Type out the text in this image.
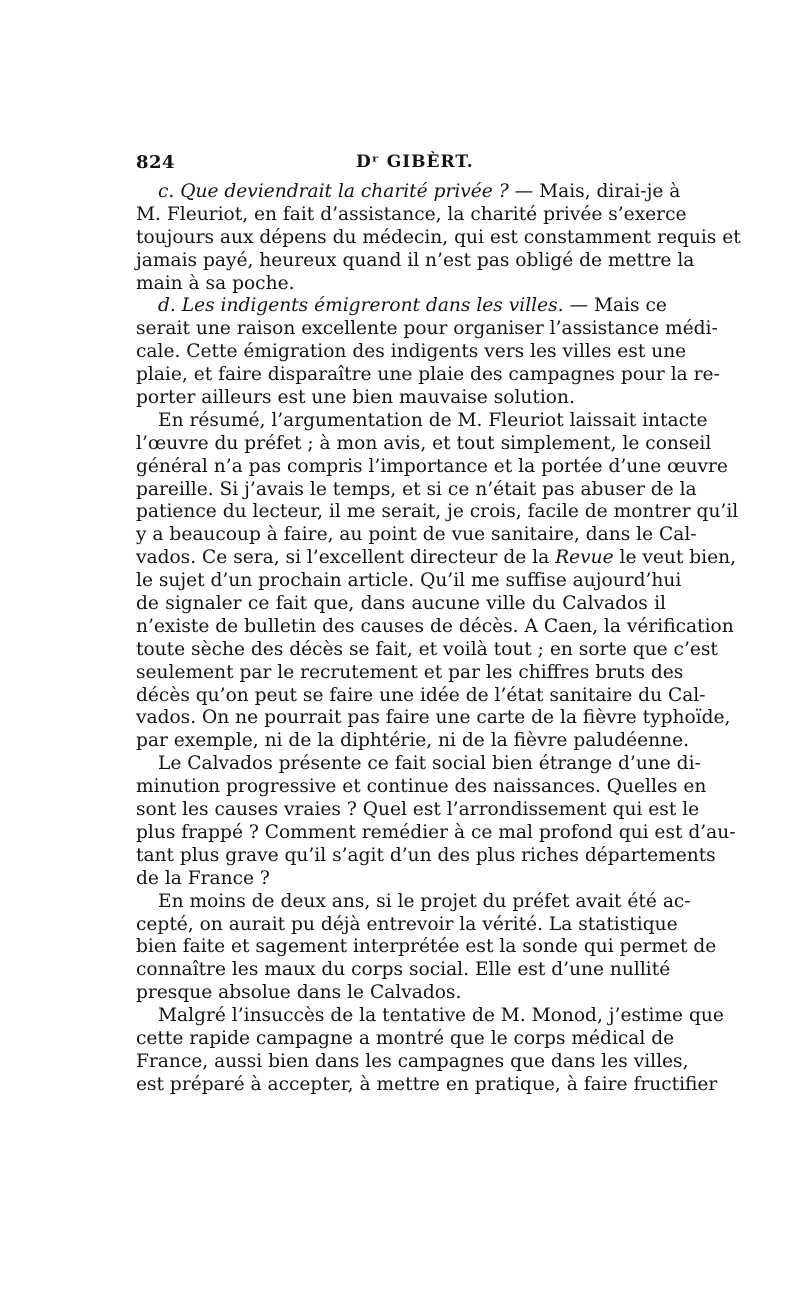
824	Dʳ GIBÈRT.
c. Que deviendrait la charité privée ? — Mais, dirai-je à
M. Fleuriot, en fait d’assistance, la charité privée s’exerce
toujours aux dépens du médecin, qui est constamment requis et
jamais payé, heureux quand il n’est pas obligé de mettre la
main à sa poche.
d. Les indigents émigreront dans les villes. — Mais ce
serait une raison excellente pour organiser l’assistance médi-
cale. Cette émigration des indigents vers les villes est une
plaie, et faire disparaître une plaie des campagnes pour la re-
porter ailleurs est une bien mauvaise solution.
En résumé, l’argumentation de M. Fleuriot laissait intacte
l’œuvre du préfet ; à mon avis, et tout simplement, le conseil
général n’a pas compris l’importance et la portée d’une œuvre
pareille. Si j’avais le temps, et si ce n’était pas abuser de la
patience du lecteur, il me serait, je crois, facile de montrer qu’il
y a beaucoup à faire, au point de vue sanitaire, dans le Cal-
vados. Ce sera, si l’excellent directeur de la Revue le veut bien,
le sujet d’un prochain article. Qu’il me suffise aujourd’hui
de signaler ce fait que, dans aucune ville du Calvados il
n’existe de bulletin des causes de décès. A Caen, la vérification
toute sèche des décès se fait, et voilà tout ; en sorte que c’est
seulement par le recrutement et par les chiffres bruts des
décès qu’on peut se faire une idée de l’état sanitaire du Cal-
vados. On ne pourrait pas faire une carte de la fièvre typhoïde,
par exemple, ni de la diphtérie, ni de la fièvre paludéenne.
Le Calvados présente ce fait social bien étrange d’une di-
minution progressive et continue des naissances. Quelles en
sont les causes vraies ? Quel est l’arrondissement qui est le
plus frappé ? Comment remédier à ce mal profond qui est d’au-
tant plus grave qu’il s’agit d’un des plus riches départements
de la France ?
En moins de deux ans, si le projet du préfet avait été ac-
cepté, on aurait pu déjà entrevoir la vérité. La statistique
bien faite et sagement interprétée est la sonde qui permet de
connaître les maux du corps social. Elle est d’une nullité
presque absolue dans le Calvados.
Malgré l’insuccès de la tentative de M. Monod, j’estime que
cette rapide campagne a montré que le corps médical de
France, aussi bien dans les campagnes que dans les villes,
est préparé à accepter, à mettre en pratique, à faire fructifier
